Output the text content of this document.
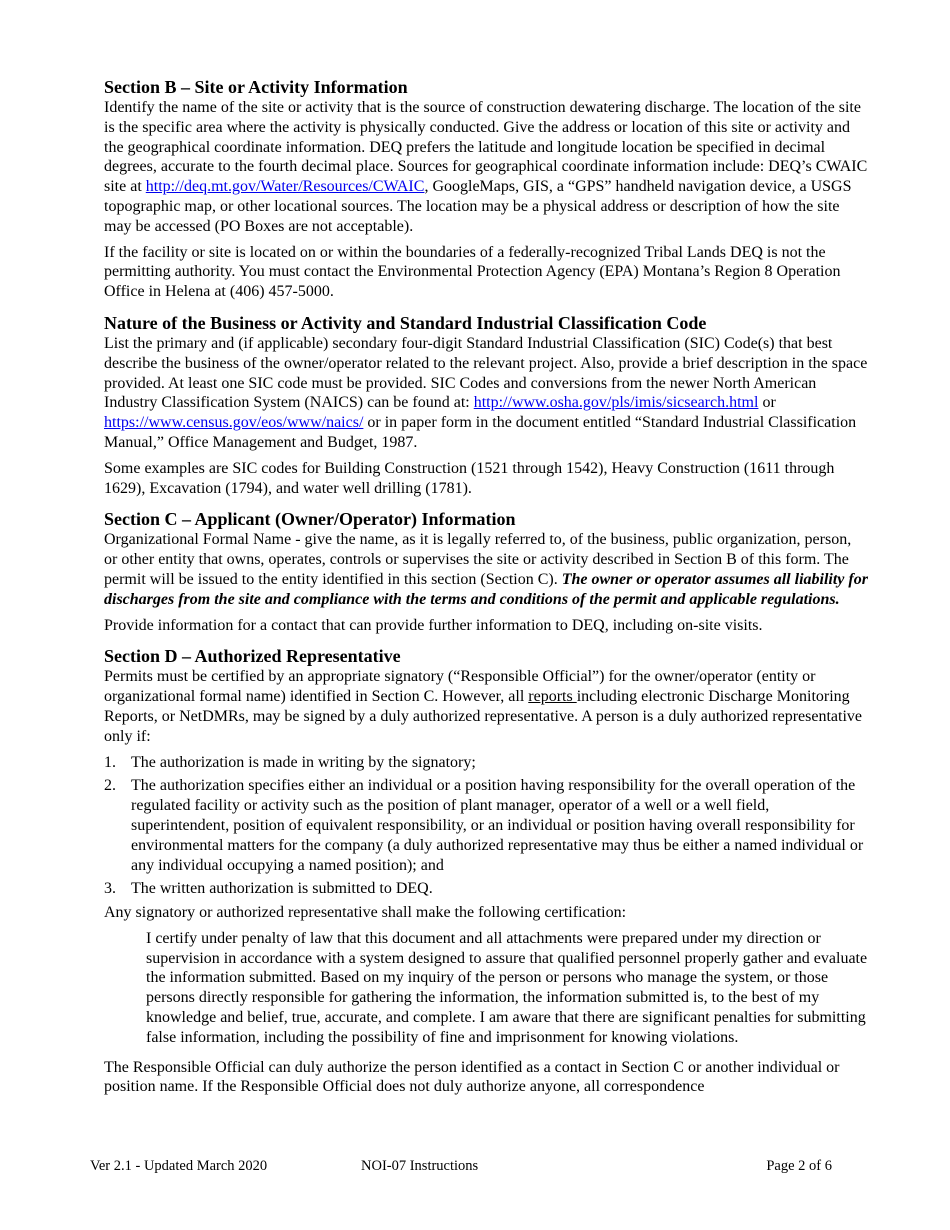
Section B – Site or Activity Information

Identify the name of the site or activity that is the source of construction dewatering discharge. The location of the site is the specific area where the activity is physically conducted. Give the address or location of this site or activity and the geographical coordinate information. DEQ prefers the latitude and longitude location be specified in decimal degrees, accurate to the fourth decimal place. Sources for geographical coordinate information include: DEQ’s CWAIC site at http://deq.mt.gov/Water/Resources/CWAIC, GoogleMaps, GIS, a “GPS” handheld navigation device, a USGS topographic map, or other locational sources. The location may be a physical address or description of how the site may be accessed (PO Boxes are not acceptable).

If the facility or site is located on or within the boundaries of a federally-recognized Tribal Lands DEQ is not the permitting authority. You must contact the Environmental Protection Agency (EPA) Montana’s Region 8 Operation Office in Helena at (406) 457-5000.

Nature of the Business or Activity and Standard Industrial Classification Code

List the primary and (if applicable) secondary four-digit Standard Industrial Classification (SIC) Code(s) that best describe the business of the owner/operator related to the relevant project. Also, provide a brief description in the space provided. At least one SIC code must be provided. SIC Codes and conversions from the newer North American Industry Classification System (NAICS) can be found at: http://www.osha.gov/pls/imis/sicsearch.html or https://www.census.gov/eos/www/naics/ or in paper form in the document entitled “Standard Industrial Classification Manual,” Office Management and Budget, 1987.

Some examples are SIC codes for Building Construction (1521 through 1542), Heavy Construction (1611 through 1629), Excavation (1794), and water well drilling (1781).

Section C – Applicant (Owner/Operator) Information

Organizational Formal Name - give the name, as it is legally referred to, of the business, public organization, person, or other entity that owns, operates, controls or supervises the site or activity described in Section B of this form. The permit will be issued to the entity identified in this section (Section C). The owner or operator assumes all liability for discharges from the site and compliance with the terms and conditions of the permit and applicable regulations.

Provide information for a contact that can provide further information to DEQ, including on-site visits.

Section D – Authorized Representative

Permits must be certified by an appropriate signatory (“Responsible Official”) for the owner/operator (entity or organizational formal name) identified in Section C. However, all reports including electronic Discharge Monitoring Reports, or NetDMRs, may be signed by a duly authorized representative. A person is a duly authorized representative only if:

1. The authorization is made in writing by the signatory;
2. The authorization specifies either an individual or a position having responsibility for the overall operation of the regulated facility or activity such as the position of plant manager, operator of a well or a well field, superintendent, position of equivalent responsibility, or an individual or position having overall responsibility for environmental matters for the company (a duly authorized representative may thus be either a named individual or any individual occupying a named position); and
3. The written authorization is submitted to DEQ.

Any signatory or authorized representative shall make the following certification:

I certify under penalty of law that this document and all attachments were prepared under my direction or supervision in accordance with a system designed to assure that qualified personnel properly gather and evaluate the information submitted. Based on my inquiry of the person or persons who manage the system, or those persons directly responsible for gathering the information, the information submitted is, to the best of my knowledge and belief, true, accurate, and complete. I am aware that there are significant penalties for submitting false information, including the possibility of fine and imprisonment for knowing violations.

The Responsible Official can duly authorize the person identified as a contact in Section C or another individual or position name. If the Responsible Official does not duly authorize anyone, all correspondence

Ver 2.1 - Updated March 2020	NOI-07 Instructions	Page 2 of 6
